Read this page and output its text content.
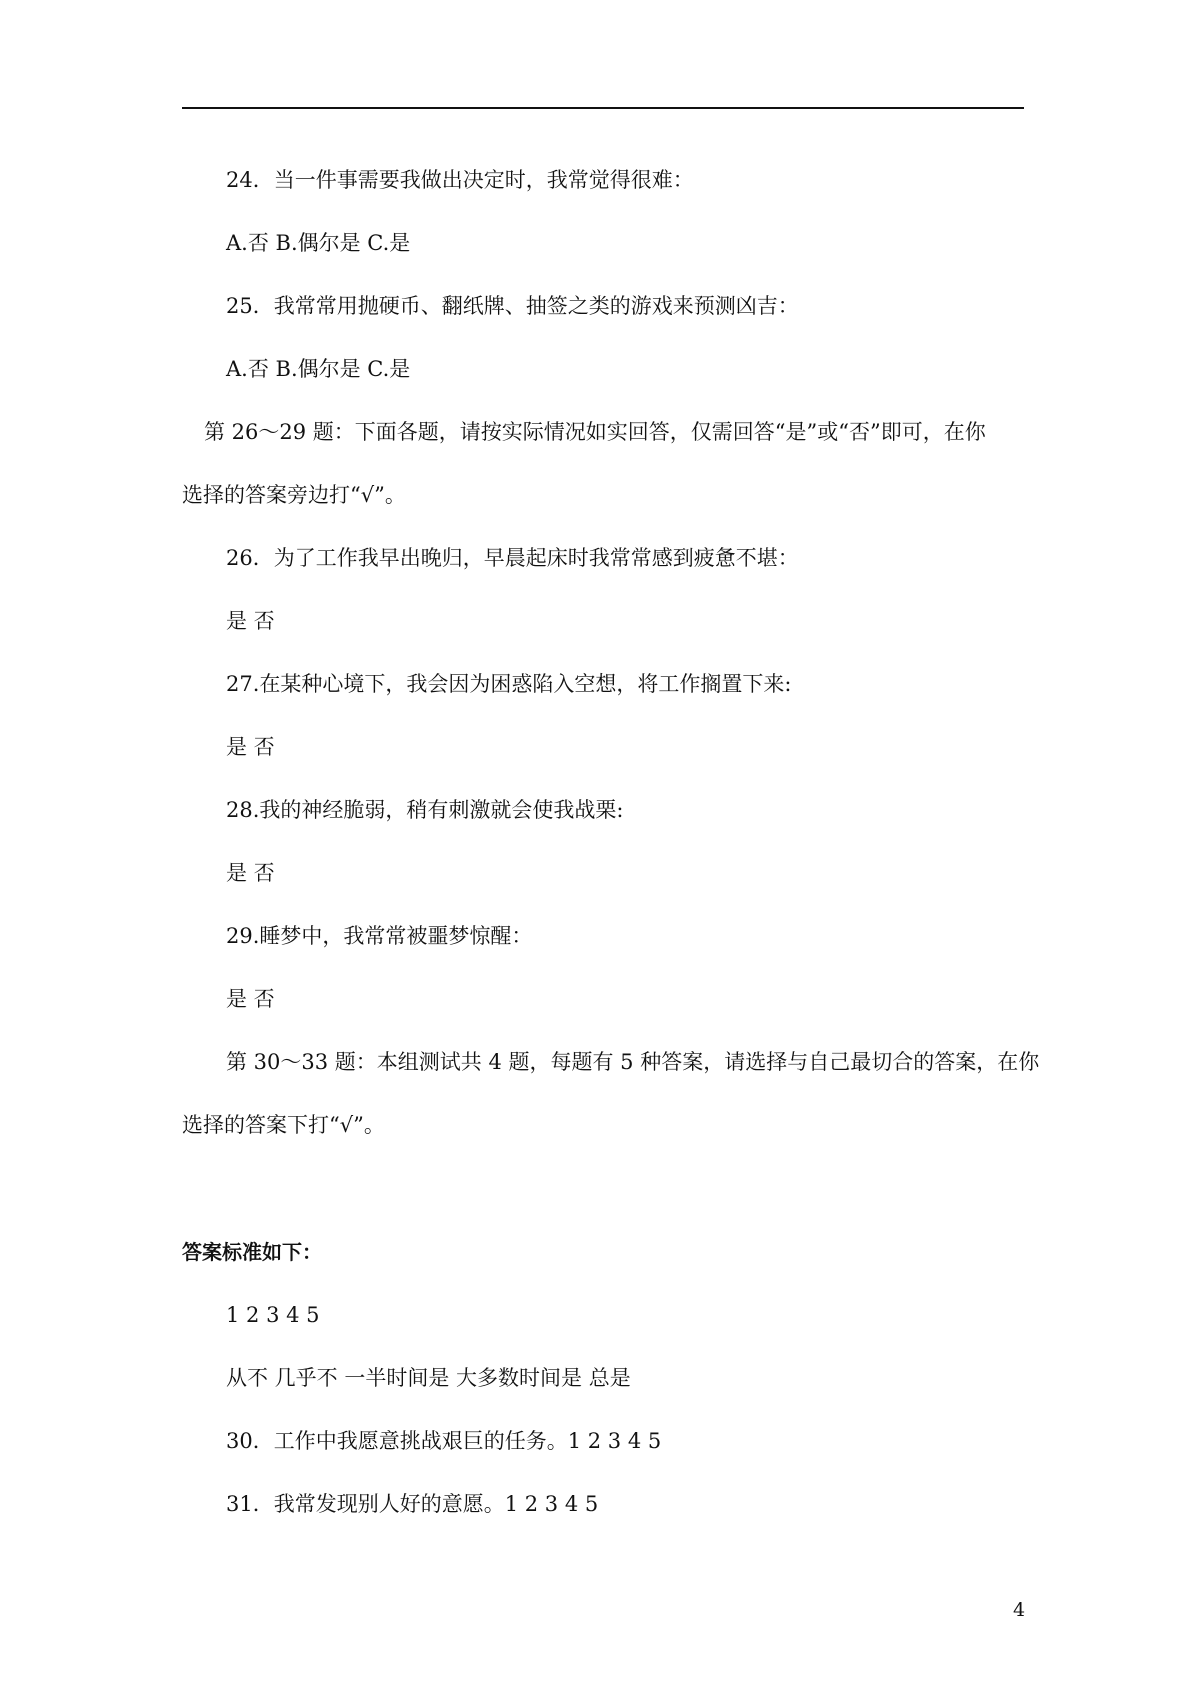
24．当一件事需要我做出决定时，我常觉得很难：
A.否 B.偶尔是 C.是
25．我常常用抛硬币、翻纸牌、抽签之类的游戏来预测凶吉：
A.否 B.偶尔是 C.是
第 26～29 题：下面各题，请按实际情况如实回答，仅需回答“是”或“否”即可，在你
选择的答案旁边打“√”。
26．为了工作我早出晚归，早晨起床时我常常感到疲惫不堪：
是 否
27.在某种心境下，我会因为困惑陷入空想，将工作搁置下来:
是 否
28.我的神经脆弱，稍有刺激就会使我战栗:
是 否
29.睡梦中，我常常被噩梦惊醒：
是 否
第 30～33 题：本组测试共 4 题，每题有 5 种答案，请选择与自己最切合的答案，在你
选择的答案下打“√”。
答案标准如下：
1 2 3 4 5
从不 几乎不 一半时间是 大多数时间是 总是
30．工作中我愿意挑战艰巨的任务。1 2 3 4 5
31．我常发现别人好的意愿。1 2 3 4 5
4
